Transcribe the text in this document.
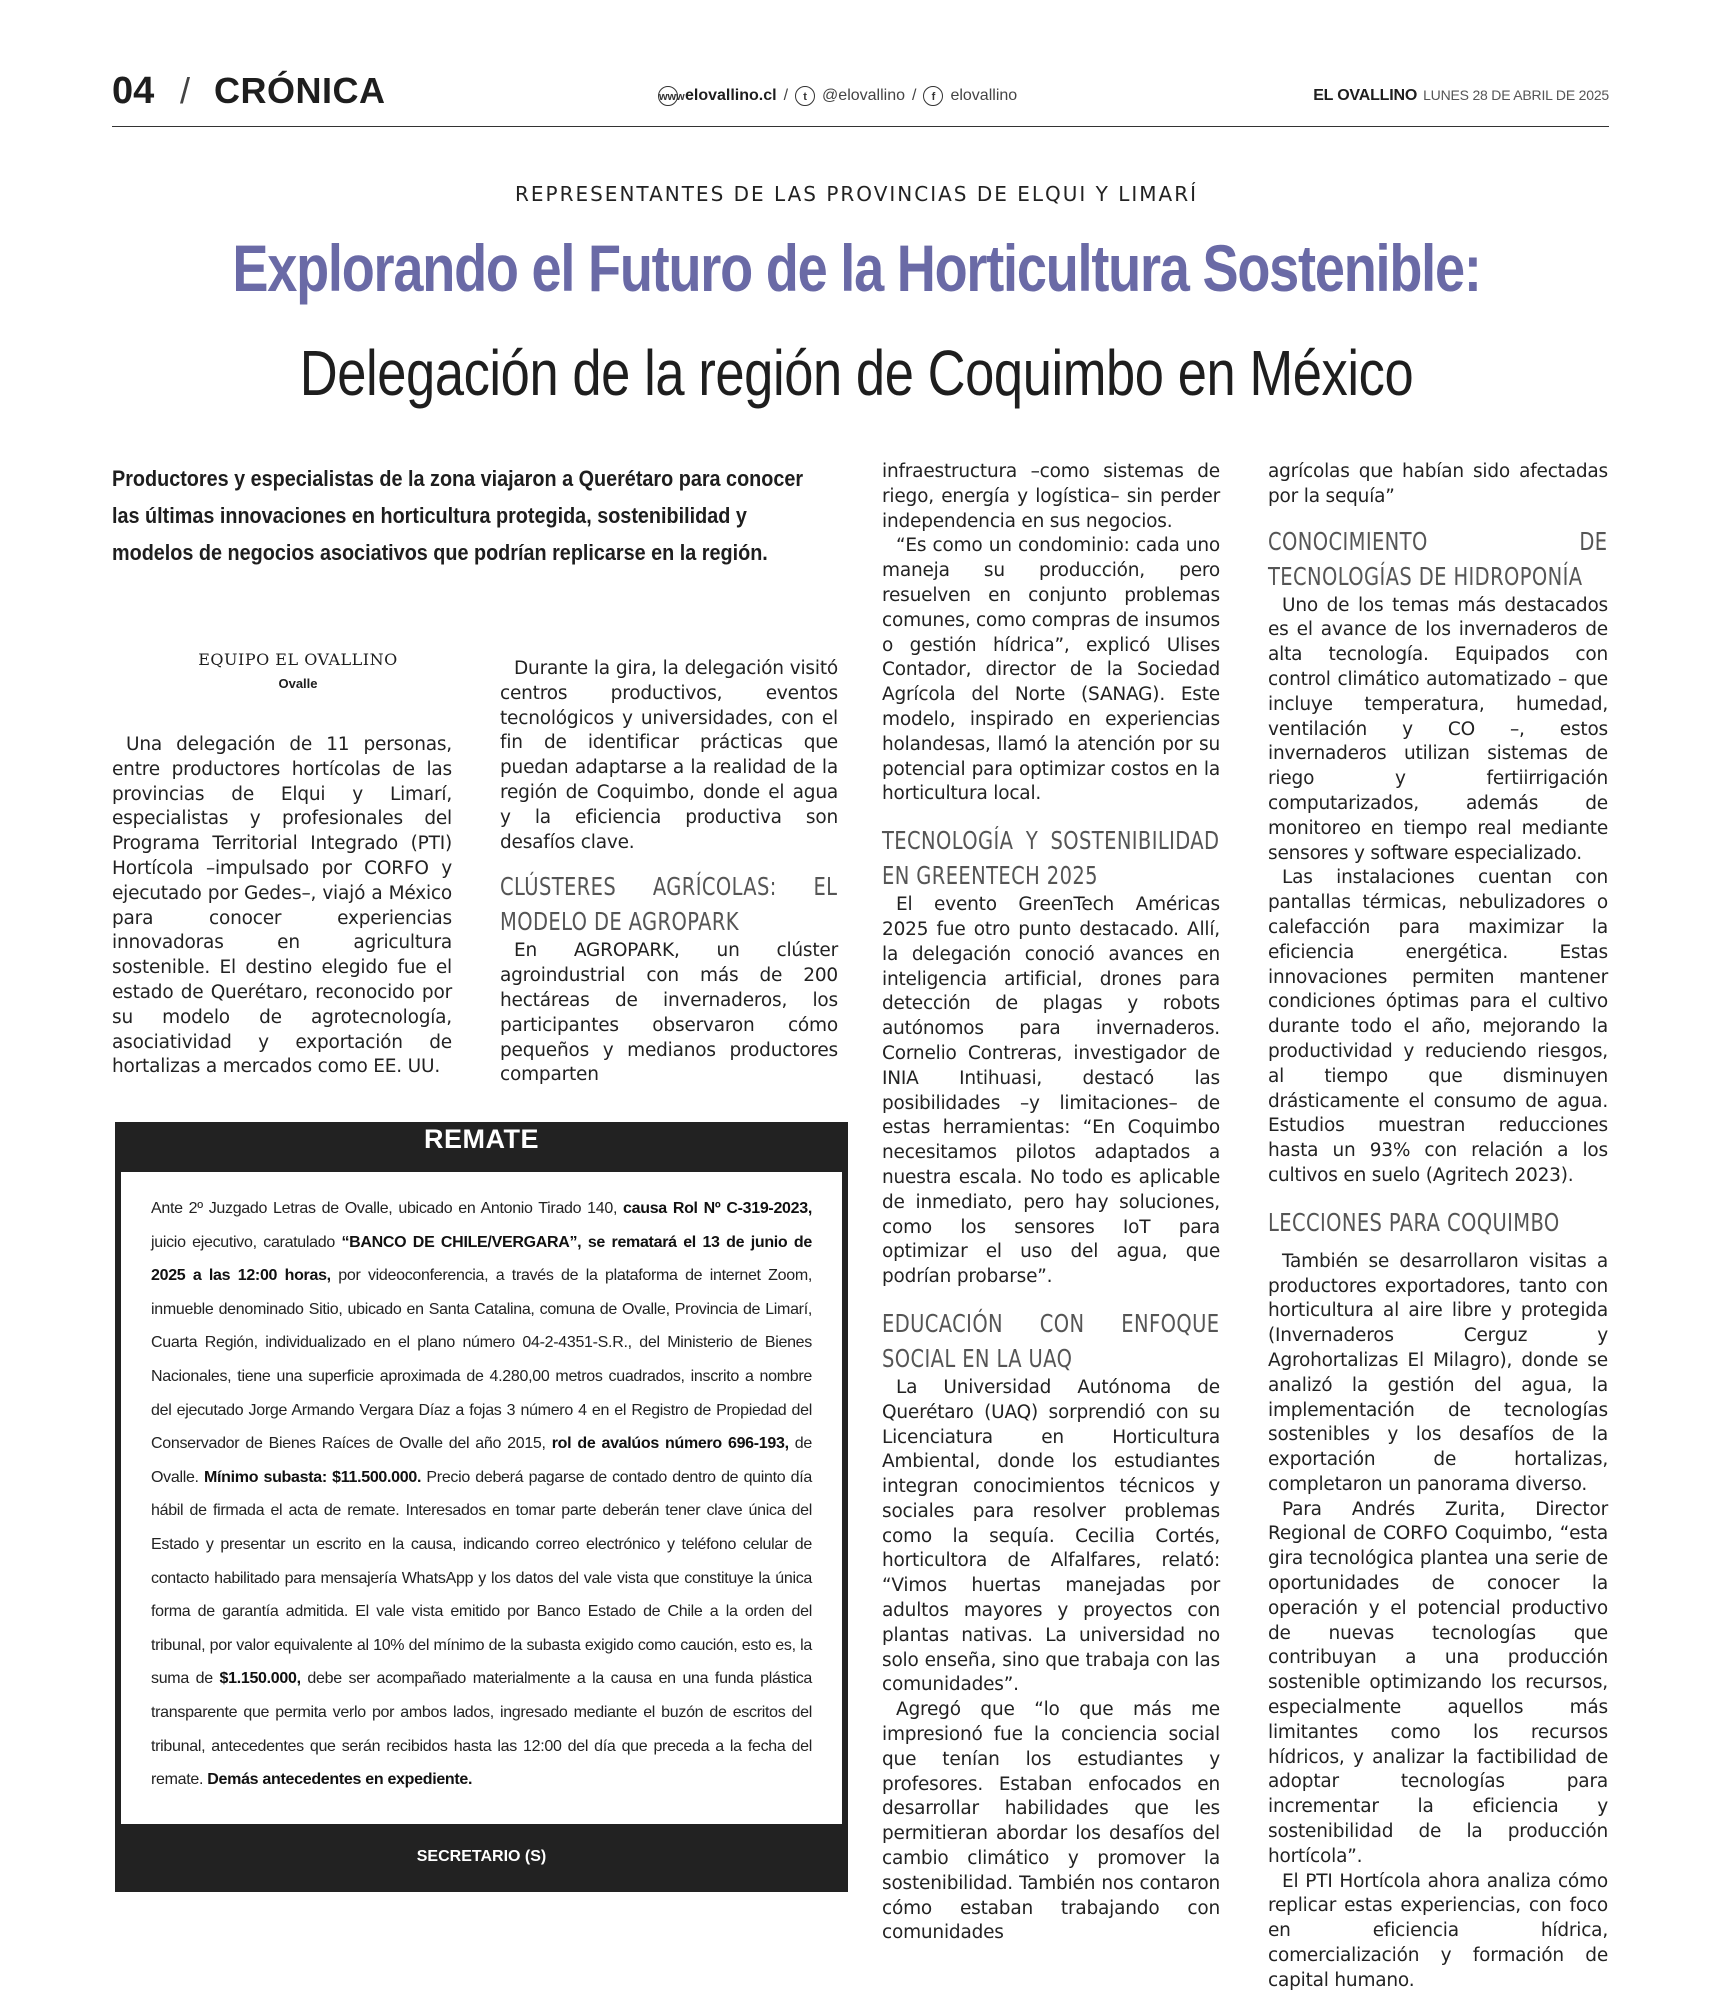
04 / CRÓNICA	www elovallino.cl /	t @elovallino /	f elovallino	EL OVALLINO LUNES 28 DE ABRIL DE 2025
REPRESENTANTES DE LAS PROVINCIAS DE ELQUI Y LIMARÍ
Explorando el Futuro de la Horticultura Sostenible:
Delegación de la región de Coquimbo en México
Productores y especialistas de la zona viajaron a Querétaro para conocer las últimas innovaciones en horticultura protegida, sostenibilidad y modelos de negocios asociativos que podrían replicarse en la región.
EQUIPO EL OVALLINO
Ovalle

Una delegación de 11 personas, entre productores hortícolas de las provincias de Elqui y Limarí, especialistas y profesionales del Programa Territorial Integrado (PTI) Hortícola –impulsado por CORFO y ejecutado por Gedes–, viajó a México para conocer experiencias innovadoras en agricultura sostenible. El destino elegido fue el estado de Querétaro, reconocido por su modelo de agrotecnología, asociatividad y exportación de hortalizas a mercados como EE. UU.

Durante la gira, la delegación visitó centros productivos, eventos tecnológicos y universidades, con el fin de identificar prácticas que puedan adaptarse a la realidad de la región de Coquimbo, donde el agua y la eficiencia productiva son desafíos clave.

CLÚSTERES AGRÍCOLAS: EL MODELO DE AGROPARK

En AGROPARK, un clúster agroindustrial con más de 200 hectáreas de invernaderos, los participantes observaron cómo pequeños y medianos productores comparten

infraestructura –como sistemas de riego, energía y logística– sin perder independencia en sus negocios.

“Es como un condominio: cada uno maneja su producción, pero resuelven en conjunto problemas comunes, como compras de insumos o gestión hídrica”, explicó Ulises Contador, director de la Sociedad Agrícola del Norte (SANAG). Este modelo, inspirado en experiencias holandesas, llamó la atención por su potencial para optimizar costos en la horticultura local.

TECNOLOGÍA Y SOSTENIBILIDAD EN GREENTECH 2025

El evento GreenTech Américas 2025 fue otro punto destacado. Allí, la delegación conoció avances en inteligencia artificial, drones para detección de plagas y robots autónomos para invernaderos. Cornelio Contreras, investigador de INIA Intihuasi, destacó las posibilidades –y limitaciones– de estas herramientas: “En Coquimbo necesitamos pilotos adaptados a nuestra escala. No todo es aplicable de inmediato, pero hay soluciones, como los sensores IoT para optimizar el uso del agua, que podrían probarse”.

EDUCACIÓN CON ENFOQUE SOCIAL EN LA UAQ

La Universidad Autónoma de Querétaro (UAQ) sorprendió con su Licenciatura en Horticultura Ambiental, donde los estudiantes integran conocimientos técnicos y sociales para resolver problemas como la sequía. Cecilia Cortés, horticultora de Alfalfares, relató: “Vimos huertas manejadas por adultos mayores y proyectos con plantas nativas. La universidad no solo enseña, sino que trabaja con las comunidades”.

Agregó que “lo que más me impresionó fue la conciencia social que tenían los estudiantes y profesores. Estaban enfocados en desarrollar habilidades que les permitieran abordar los desafíos del cambio climático y promover la sostenibilidad. También nos contaron cómo estaban trabajando con comunidades

agrícolas que habían sido afectadas por la sequía”

CONOCIMIENTO DE TECNOLOGÍAS DE HIDROPONÍA

Uno de los temas más destacados es el avance de los invernaderos de alta tecnología. Equipados con control climático automatizado – que incluye temperatura, humedad, ventilación y CO –, estos invernaderos utilizan sistemas de riego y fertiirrigación computarizados, además de monitoreo en tiempo real mediante sensores y software especializado.

Las instalaciones cuentan con pantallas térmicas, nebulizadores o calefacción para maximizar la eficiencia energética. Estas innovaciones permiten mantener condiciones óptimas para el cultivo durante todo el año, mejorando la productividad y reduciendo riesgos, al tiempo que disminuyen drásticamente el consumo de agua. Estudios muestran reducciones hasta un 93% con relación a los cultivos en suelo (Agritech 2023).

LECCIONES PARA COQUIMBO

También se desarrollaron visitas a productores exportadores, tanto con horticultura al aire libre y protegida (Invernaderos Cerguz y Agrohortalizas El Milagro), donde se analizó la gestión del agua, la implementación de tecnologías sostenibles y los desafíos de la exportación de hortalizas, completaron un panorama diverso.

Para Andrés Zurita, Director Regional de CORFO Coquimbo, “esta gira tecnológica plantea una serie de oportunidades de conocer la operación y el potencial productivo de nuevas tecnologías que contribuyan a una producción sostenible optimizando los recursos, especialmente aquellos más limitantes como los recursos hídricos, y analizar la factibilidad de adoptar tecnologías para incrementar la eficiencia y sostenibilidad de la producción hortícola”.

El PTI Hortícola ahora analiza cómo replicar estas experiencias, con foco en eficiencia hídrica, comercialización y formación de capital humano.

REMATE
Ante 2º Juzgado Letras de Ovalle, ubicado en Antonio Tirado 140, causa Rol Nº C-319-2023, juicio ejecutivo, caratulado “BANCO DE CHILE/VERGARA”, se rematará el 13 de junio de 2025 a las 12:00 horas, por videoconferencia, a través de la plataforma de internet Zoom, inmueble denominado Sitio, ubicado en Santa Catalina, comuna de Ovalle, Provincia de Limarí, Cuarta Región, individualizado en el plano número 04-2-4351-S.R., del Ministerio de Bienes Nacionales, tiene una superficie aproximada de 4.280,00 metros cuadrados, inscrito a nombre del ejecutado Jorge Armando Vergara Díaz a fojas 3 número 4 en el Registro de Propiedad del Conservador de Bienes Raíces de Ovalle del año 2015, rol de avalúos número 696-193, de Ovalle. Mínimo subasta: $11.500.000. Precio deberá pagarse de contado dentro de quinto día hábil de firmada el acta de remate. Interesados en tomar parte deberán tener clave única del Estado y presentar un escrito en la causa, indicando correo electrónico y teléfono celular de contacto habilitado para mensajería WhatsApp y los datos del vale vista que constituye la única forma de garantía admitida. El vale vista emitido por Banco Estado de Chile a la orden del tribunal, por valor equivalente al 10% del mínimo de la subasta exigido como caución, esto es, la suma de $1.150.000, debe ser acompañado materialmente a la causa en una funda plástica transparente que permita verlo por ambos lados, ingresado mediante el buzón de escritos del tribunal, antecedentes que serán recibidos hasta las 12:00 del día que preceda a la fecha del remate. Demás antecedentes en expediente.
SECRETARIO (S)
